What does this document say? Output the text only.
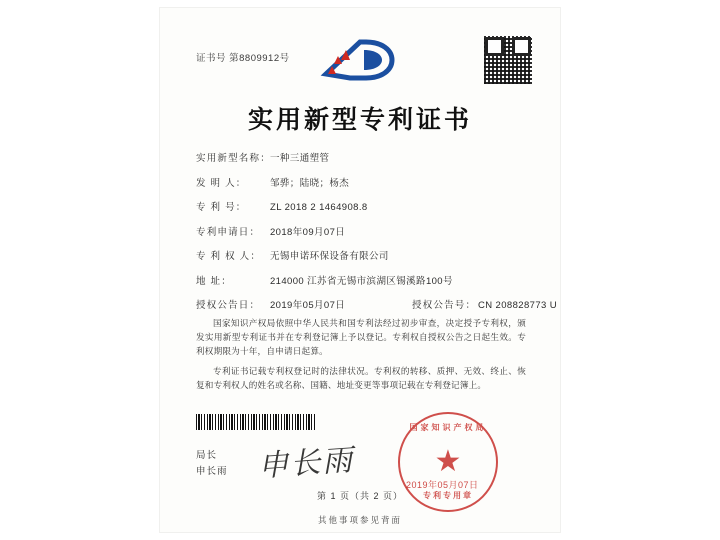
证书号 第8809912号
实用新型专利证书
实用新型名称： 一种三通塑管
发 明 人：	邹骅；陆晓；杨杰
专 利 号：	ZL 2018 2 1464908.8
专利申请日：	2018年09月07日
专 利 权 人： 无锡申诺环保设备有限公司
地 址：	214000 江苏省无锡市滨湖区锡溪路100号
授权公告日：	2019年05月07日	授权公告号： CN 208828773 U

国家知识产权局依照中华人民共和国专利法经过初步审查，决定授予专利权，颁发实用新型专利证书并在专利登记簿上予以登记。专利权自授权公告之日起生效。专利权期限为十年，自申请日起算。

专利证书记载专利权登记时的法律状况。专利权的转移、质押、无效、终止、恢复和专利权人的姓名或名称、国籍、地址变更等事项记载在专利登记簿上。

局长
申长雨 申长雨
国家知识产权局
★
专利专用章
2019年05月07日
第 1 页（共 2 页）
其他事项参见背面
